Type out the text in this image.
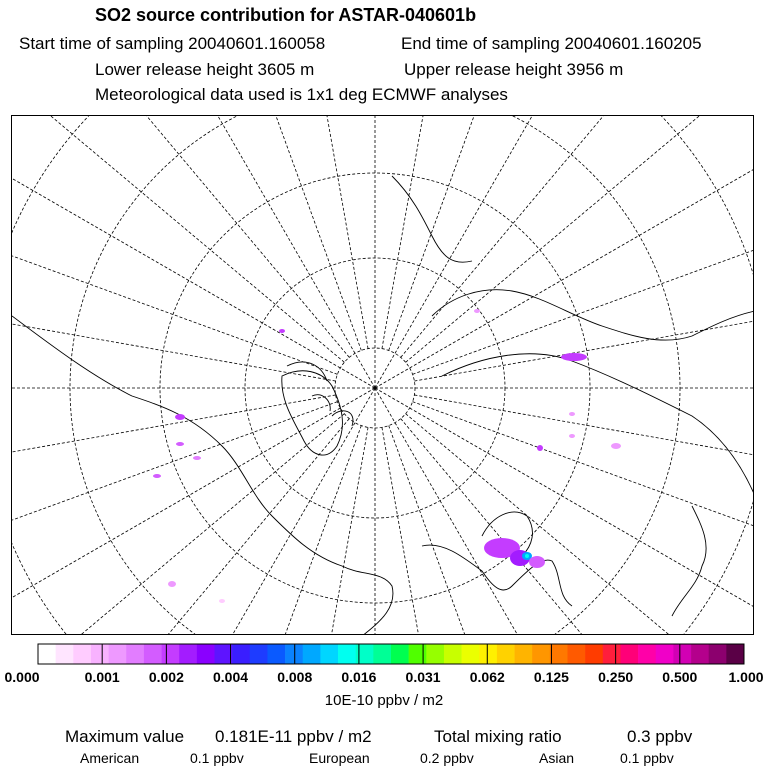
SO2 source contribution for ASTAR-040601b
Start time of sampling 20040601.160058	End time of sampling 20040601.160205
Lower release height 3605 m	Upper release height 3956 m
Meteorological data used is 1x1 deg ECMWF analyses
0.000	0.001 0.002 0.004 0.008 0.016 0.031 0.062 0.125 0.250 0.500 1.000
10E-10 ppbv / m2
Maximum value 0.181E-11 ppbv / m2	Total mixing ratio	0.3 ppbv
American	0.1 ppbv	European	0.2 ppbv	Asian	0.1 ppbv
